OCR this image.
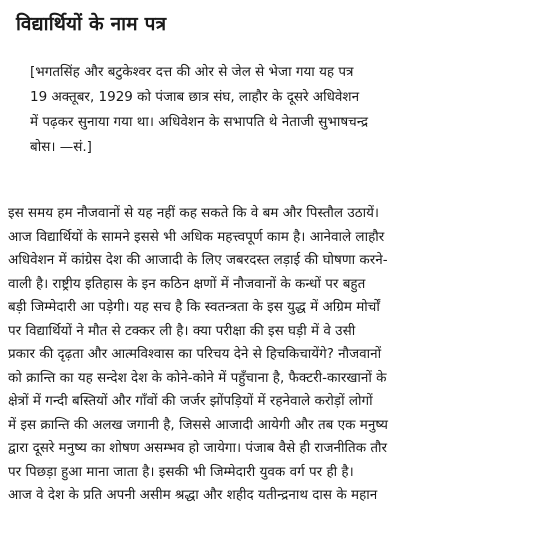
विद्यार्थियों के नाम पत्र
[भगतसिंह और बटुकेश्वर दत्त की ओर से जेल से भेजा गया यह पत्र
19 अक्तूबर, 1929 को पंजाब छात्र संघ, लाहौर के दूसरे अधिवेशन
में पढ़कर सुनाया गया था। अधिवेशन के सभापति थे नेताजी सुभाषचन्द्र
बोस। —सं.]
इस समय हम नौजवानों से यह नहीं कह सकते कि वे बम और पिस्तौल उठायें।
आज विद्यार्थियों के सामने इससे भी अधिक महत्त्वपूर्ण काम है। आनेवाले लाहौर
अधिवेशन में कांग्रेस देश की आजादी के लिए जबरदस्त लड़ाई की घोषणा करने-
वाली है। राष्ट्रीय इतिहास के इन कठिन क्षणों में नौजवानों के कन्धों पर बहुत
बड़ी जिम्मेदारी आ पड़ेगी। यह सच है कि स्वतन्त्रता के इस युद्ध में अग्रिम मोर्चों
पर विद्यार्थियों ने मौत से टक्कर ली है। क्या परीक्षा की इस घड़ी में वे उसी
प्रकार की दृढ़ता और आत्मविश्वास का परिचय देने से हिचकिचायेंगे? नौजवानों
को क्रान्ति का यह सन्देश देश के कोने-कोने में पहुँचाना है, फैक्टरी-कारखानों के
क्षेत्रों में गन्दी बस्तियों और गाँवों की जर्जर झोंपड़ियों में रहनेवाले करोड़ों लोगों
में इस क्रान्ति की अलख जगानी है, जिससे आजादी आयेगी और तब एक मनुष्य
द्वारा दूसरे मनुष्य का शोषण असम्भव हो जायेगा। पंजाब वैसे ही राजनीतिक तौर
पर पिछड़ा हुआ माना जाता है। इसकी भी जिम्मेदारी युवक वर्ग पर ही है।
आज वे देश के प्रति अपनी असीम श्रद्धा और शहीद यतीन्द्रनाथ दास के महान
